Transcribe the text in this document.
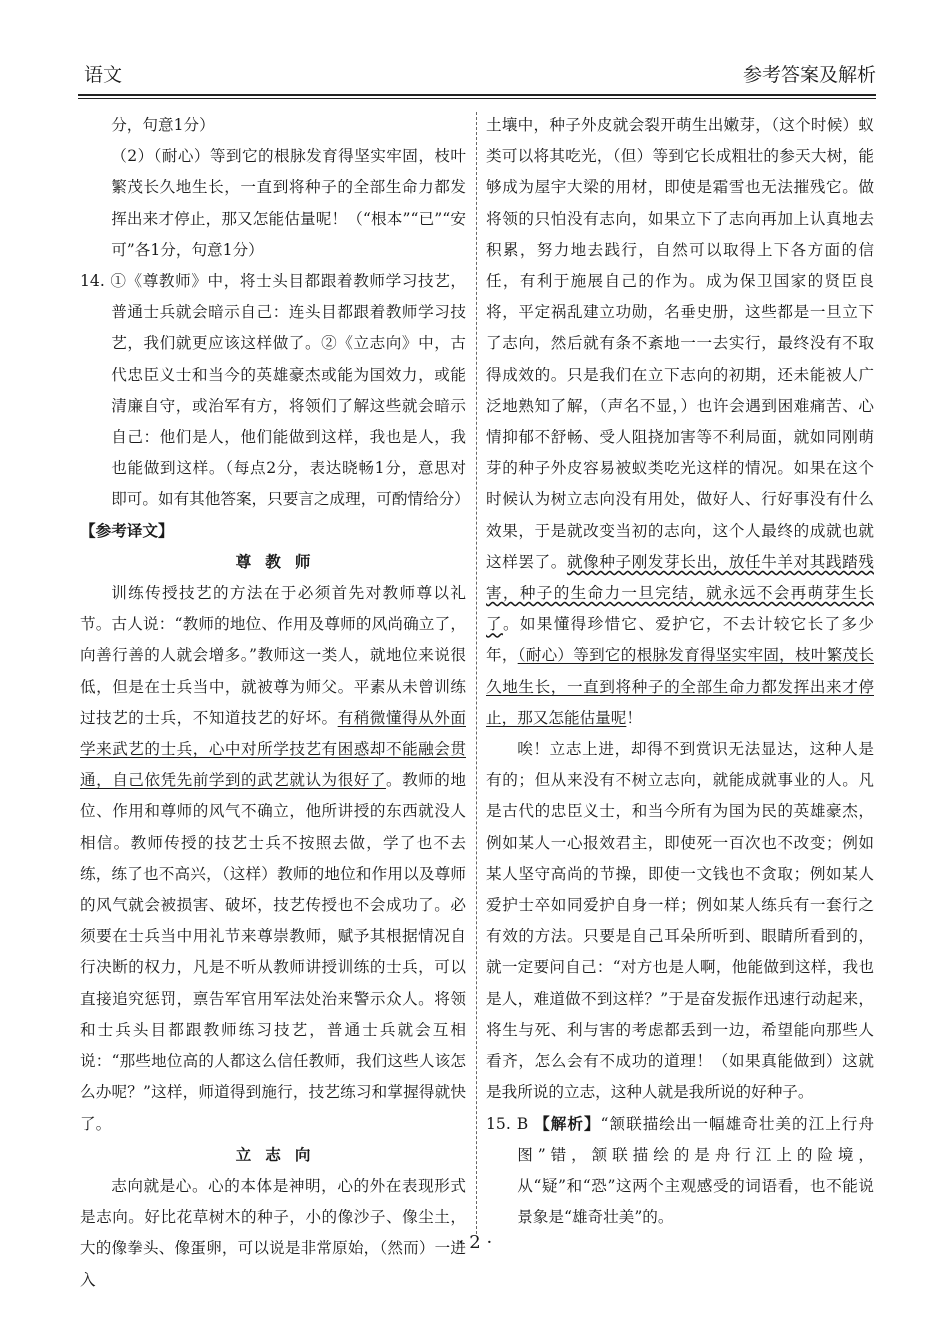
语文	参考答案及解析

分，句意1分）

（2）（耐心）等到它的根脉发育得坚实牢固，枝叶繁茂长久地生长，一直到将种子的全部生命力都发挥出来才停止，那又怎能估量呢！（“根本”“已”“安可”各1分，句意1分）

14. ①《尊教师》中，将士头目都跟着教师学习技艺，普通士兵就会暗示自己：连头目都跟着教师学习技艺，我们就更应该这样做了。②《立志向》中，古代忠臣义士和当今的英雄豪杰或能为国效力，或能清廉自守，或治军有方，将领们了解这些就会暗示自己：他们是人，他们能做到这样，我也是人，我也能做到这样。（每点2分，表达晓畅1分，意思对即可。如有其他答案，只要言之成理，可酌情给分）

【参考译文】

尊教师

训练传授技艺的方法在于必须首先对教师尊以礼节。古人说：“教师的地位、作用及尊师的风尚确立了，向善行善的人就会增多。”教师这一类人，就地位来说很低，但是在士兵当中，就被尊为师父。平素从未曾训练过技艺的士兵，不知道技艺的好坏。有稍微懂得从外面学来武艺的士兵，心中对所学技艺有困惑却不能融会贯通，自己依凭先前学到的武艺就认为很好了。教师的地位、作用和尊师的风气不确立，他所讲授的东西就没人相信。教师传授的技艺士兵不按照去做，学了也不去练，练了也不高兴，（这样）教师的地位和作用以及尊师的风气就会被损害、破坏，技艺传授也不会成功了。必须要在士兵当中用礼节来尊崇教师，赋予其根据情况自行决断的权力，凡是不听从教师讲授训练的士兵，可以直接追究惩罚，禀告军官用军法处治来警示众人。将领和士兵头目都跟教师练习技艺，普通士兵就会互相说：“那些地位高的人都这么信任教师，我们这些人该怎么办呢？”这样，师道得到施行，技艺练习和掌握得就快了。

立志向

志向就是心。心的本体是神明，心的外在表现形式是志向。好比花草树木的种子，小的像沙子、像尘土，大的像拳头、像蛋卵，可以说是非常原始，（然而）一进入

土壤中，种子外皮就会裂开萌生出嫩芽，（这个时候）蚁类可以将其吃光，（但）等到它长成粗壮的参天大树，能够成为屋宇大梁的用材，即使是霜雪也无法摧残它。做将领的只怕没有志向，如果立下了志向再加上认真地去积累，努力地去践行，自然可以取得上下各方面的信任，有利于施展自己的作为。成为保卫国家的贤臣良将，平定祸乱建立功勋，名垂史册，这些都是一旦立下了志向，然后就有条不紊地一一去实行，最终没有不取得成效的。只是我们在立下志向的初期，还未能被人广泛地熟知了解，（声名不显，）也许会遇到困难痛苦、心情抑郁不舒畅、受人阻挠加害等不利局面，就如同刚萌芽的种子外皮容易被蚁类吃光这样的情况。如果在这个时候认为树立志向没有用处，做好人、行好事没有什么效果，于是就改变当初的志向，这个人最终的成就也就这样罢了。就像种子刚发芽长出，放任牛羊对其践踏残害，种子的生命力一旦完结，就永远不会再萌芽生长了。如果懂得珍惜它、爱护它，不去计较它长了多少年，（耐心）等到它的根脉发育得坚实牢固，枝叶繁茂长久地生长，一直到将种子的全部生命力都发挥出来才停止，那又怎能估量呢！

唉！立志上进，却得不到赏识无法显达，这种人是有的；但从来没有不树立志向，就能成就事业的人。凡是古代的忠臣义士，和当今所有为国为民的英雄豪杰，例如某人一心报效君主，即使死一百次也不改变；例如某人坚守高尚的节操，即使一文钱也不贪取；例如某人爱护士卒如同爱护自身一样；例如某人练兵有一套行之有效的方法。只要是自己耳朵所听到、眼睛所看到的，就一定要问自己：“对方也是人啊，他能做到这样，我也是人，难道做不到这样？”于是奋发振作迅速行动起来，将生与死、利与害的考虑都丢到一边，希望能向那些人看齐，怎么会有不成功的道理！（如果真能做到）这就是我所说的立志，这种人就是我所说的好种子。

15. B 【解析】“颔联描绘出一幅雄奇壮美的江上行舟图”错，颔联描绘的是舟行江上的险境，从“疑”和“恐”这两个主观感受的词语看，也不能说景象是“雄奇壮美”的。

· 2 ·
